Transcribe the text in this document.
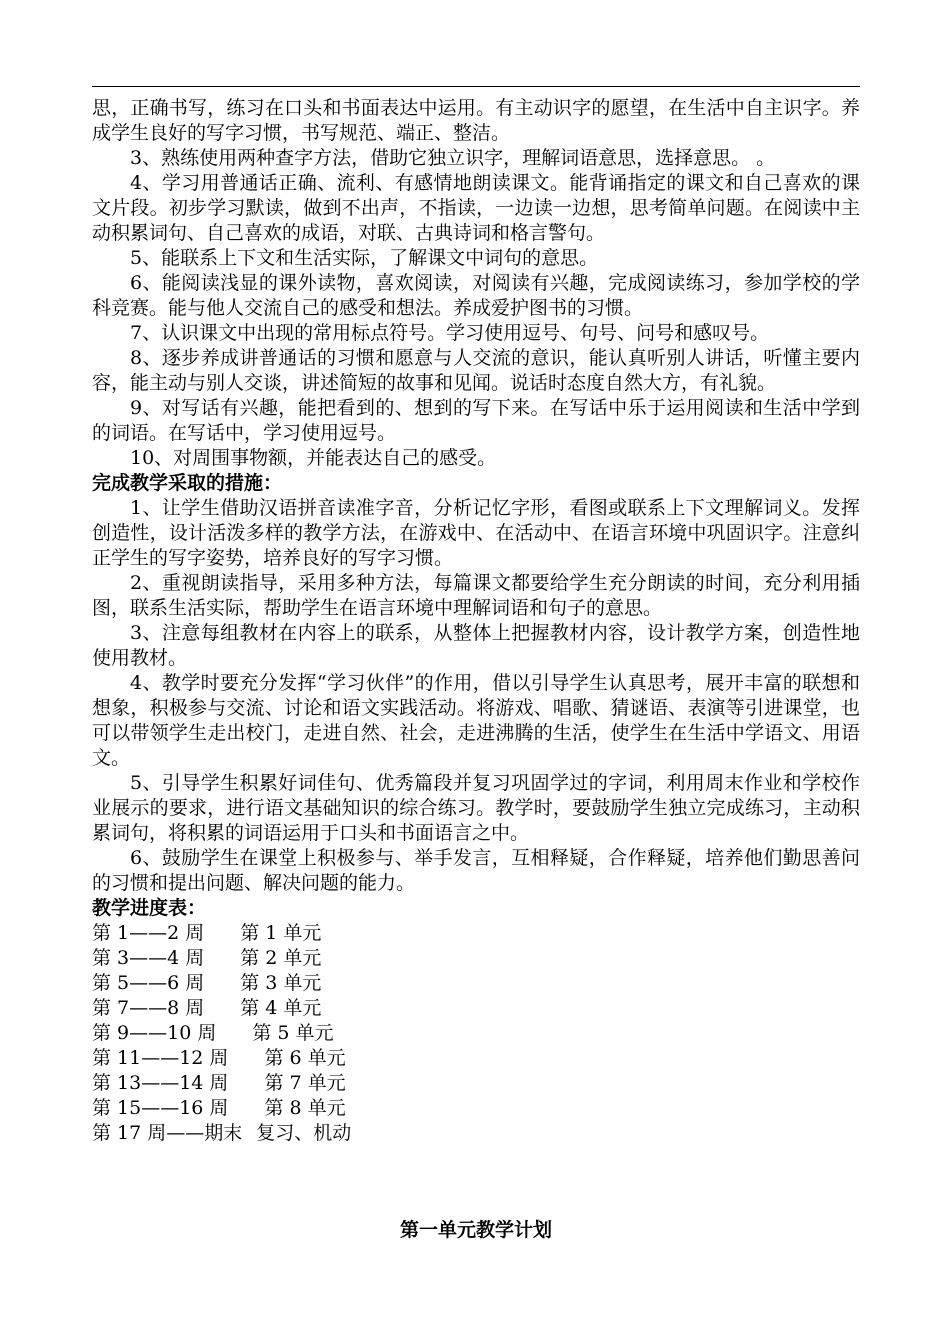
思，正确书写，练习在口头和书面表达中运用。有主动识字的愿望，在生活中自主识字。养成学生良好的写字习惯，书写规范、端正、整洁。

3、熟练使用两种查字方法，借助它独立识字，理解词语意思，选择意思。 。

4、学习用普通话正确、流利、有感情地朗读课文。能背诵指定的课文和自己喜欢的课文片段。初步学习默读，做到不出声，不指读，一边读一边想，思考简单问题。在阅读中主动积累词句、自己喜欢的成语，对联、古典诗词和格言警句。

5、能联系上下文和生活实际，了解课文中词句的意思。

6、能阅读浅显的课外读物，喜欢阅读，对阅读有兴趣，完成阅读练习，参加学校的学科竞赛。能与他人交流自己的感受和想法。养成爱护图书的习惯。

7、认识课文中出现的常用标点符号。学习使用逗号、句号、问号和感叹号。

8、逐步养成讲普通话的习惯和愿意与人交流的意识，能认真听别人讲话，听懂主要内容，能主动与别人交谈，讲述简短的故事和见闻。说话时态度自然大方，有礼貌。

9、对写话有兴趣，能把看到的、想到的写下来。在写话中乐于运用阅读和生活中学到的词语。在写话中，学习使用逗号。

10、对周围事物额，并能表达自己的感受。

完成教学采取的措施：

1、让学生借助汉语拼音读准字音，分析记忆字形，看图或联系上下文理解词义。发挥创造性，设计活泼多样的教学方法，在游戏中、在活动中、在语言环境中巩固识字。注意纠正学生的写字姿势，培养良好的写字习惯。

2、重视朗读指导，采用多种方法，每篇课文都要给学生充分朗读的时间，充分利用插图，联系生活实际，帮助学生在语言环境中理解词语和句子的意思。

3、注意每组教材在内容上的联系，从整体上把握教材内容，设计教学方案，创造性地使用教材。

4、教学时要充分发挥“学习伙伴”的作用，借以引导学生认真思考，展开丰富的联想和想象，积极参与交流、讨论和语文实践活动。将游戏、唱歌、猜谜语、表演等引进课堂，也可以带领学生走出校门，走进自然、社会，走进沸腾的生活，使学生在生活中学语文、用语文。

5、引导学生积累好词佳句、优秀篇段并复习巩固学过的字词，利用周末作业和学校作业展示的要求，进行语文基础知识的综合练习。教学时，要鼓励学生独立完成练习，主动积累词句，将积累的词语运用于口头和书面语言之中。

6、鼓励学生在课堂上积极参与、举手发言，互相释疑，合作释疑，培养他们勤思善问的习惯和提出问题、解决问题的能力。

教学进度表：
第 1——2 周 第 1 单元
第 3——4 周 第 2 单元
第 5——6 周 第 3 单元
第 7——8 周 第 4 单元
第 9——10 周 第 5 单元
第 11——12 周 第 6 单元
第 13——14 周 第 7 单元
第 15——16 周 第 8 单元
第 17 周——期末 复习、机动
第一单元教学计划
